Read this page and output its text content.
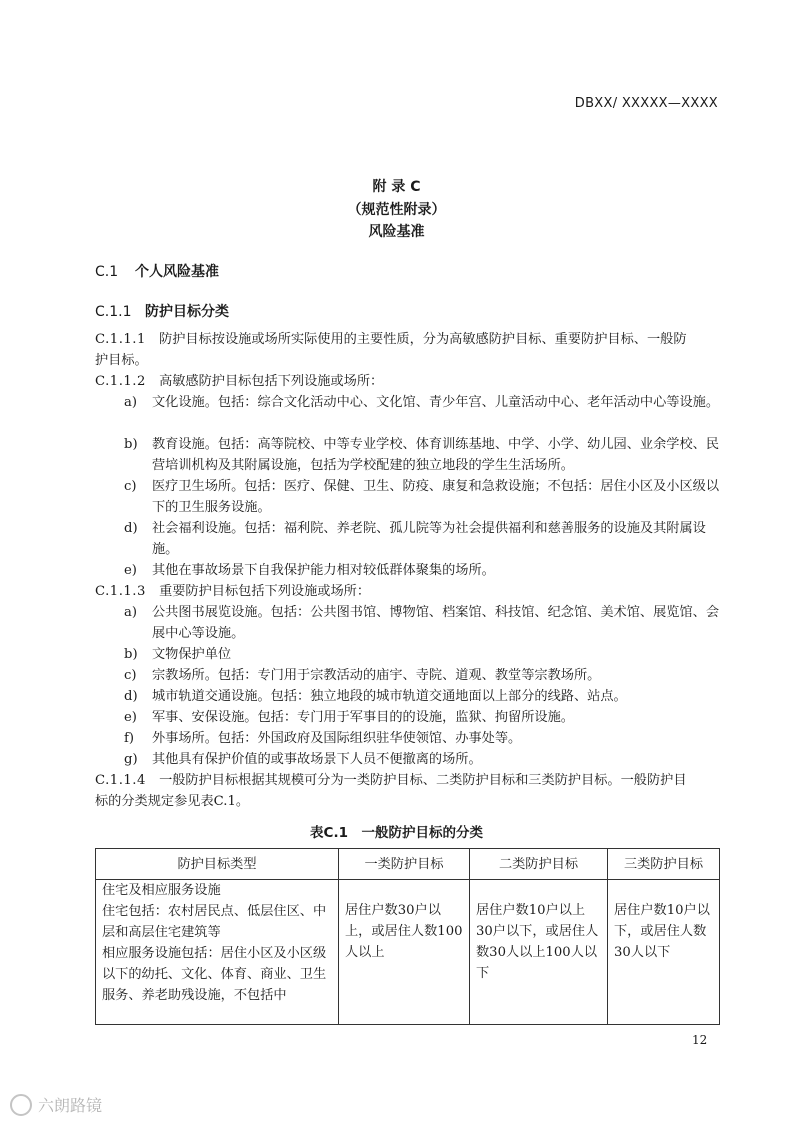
DBXX/ XXXXX—XXXX
附 录 C
（规范性附录）
风险基准
C.1 个人风险基准
C.1.1 防护目标分类
C.1.1.1　 防护目标按设施或场所实际使用的主要性质，分为高敏感防护目标、重要防护目标、一般防
护目标。
C.1.1.2　 高敏感防护目标包括下列设施或场所：
a)	文化设施。包括：综合文化活动中心、文化馆、青少年宫、儿童活动中心、老年活动中心等设施。
b)	教育设施。包括：高等院校、中等专业学校、体育训练基地、中学、小学、幼儿园、业余学校、民营培训机构及其附属设施，包括为学校配建的独立地段的学生生活场所。
c)	医疗卫生场所。包括：医疗、保健、卫生、防疫、康复和急救设施；不包括：居住小区及小区级以下的卫生服务设施。
d)	社会福利设施。包括：福利院、养老院、孤儿院等为社会提供福利和慈善服务的设施及其附属设施。
e)	其他在事故场景下自我保护能力相对较低群体聚集的场所。
C.1.1.3　 重要防护目标包括下列设施或场所：
a)	公共图书展览设施。包括：公共图书馆、博物馆、档案馆、科技馆、纪念馆、美术馆、展览馆、会展中心等设施。
b)	文物保护单位
c)	宗教场所。包括：专门用于宗教活动的庙宇、寺院、道观、教堂等宗教场所。
d)	城市轨道交通设施。包括：独立地段的城市轨道交通地面以上部分的线路、站点。
e)	军事、安保设施。包括：专门用于军事目的的设施，监狱、拘留所设施。
f)	外事场所。包括：外国政府及国际组织驻华使领馆、办事处等。
g)	其他具有保护价值的或事故场景下人员不便撤离的场所。
C.1.1.4　 一般防护目标根据其规模可分为一类防护目标、二类防护目标和三类防护目标。一般防护目
标的分类规定参见表C.1。
表C.1　一般防护目标的分类
防护目标类型	一类防护目标	二类防护目标	三类防护目标

住宅及相应服务设施
住宅包括：农村居民点、低层住区、中层和高层住宅建筑等
相应服务设施包括：居住小区及小区级以下的幼托、文化、体育、商业、卫生服务、养老助残设施，不包括中	居住户数30户以上，或居住人数100人以上	居住户数10户以上30户以下，或居住人数30人以上100人以下	居住户数10户以下，或居住人数30人以下
12
六朗路镜
